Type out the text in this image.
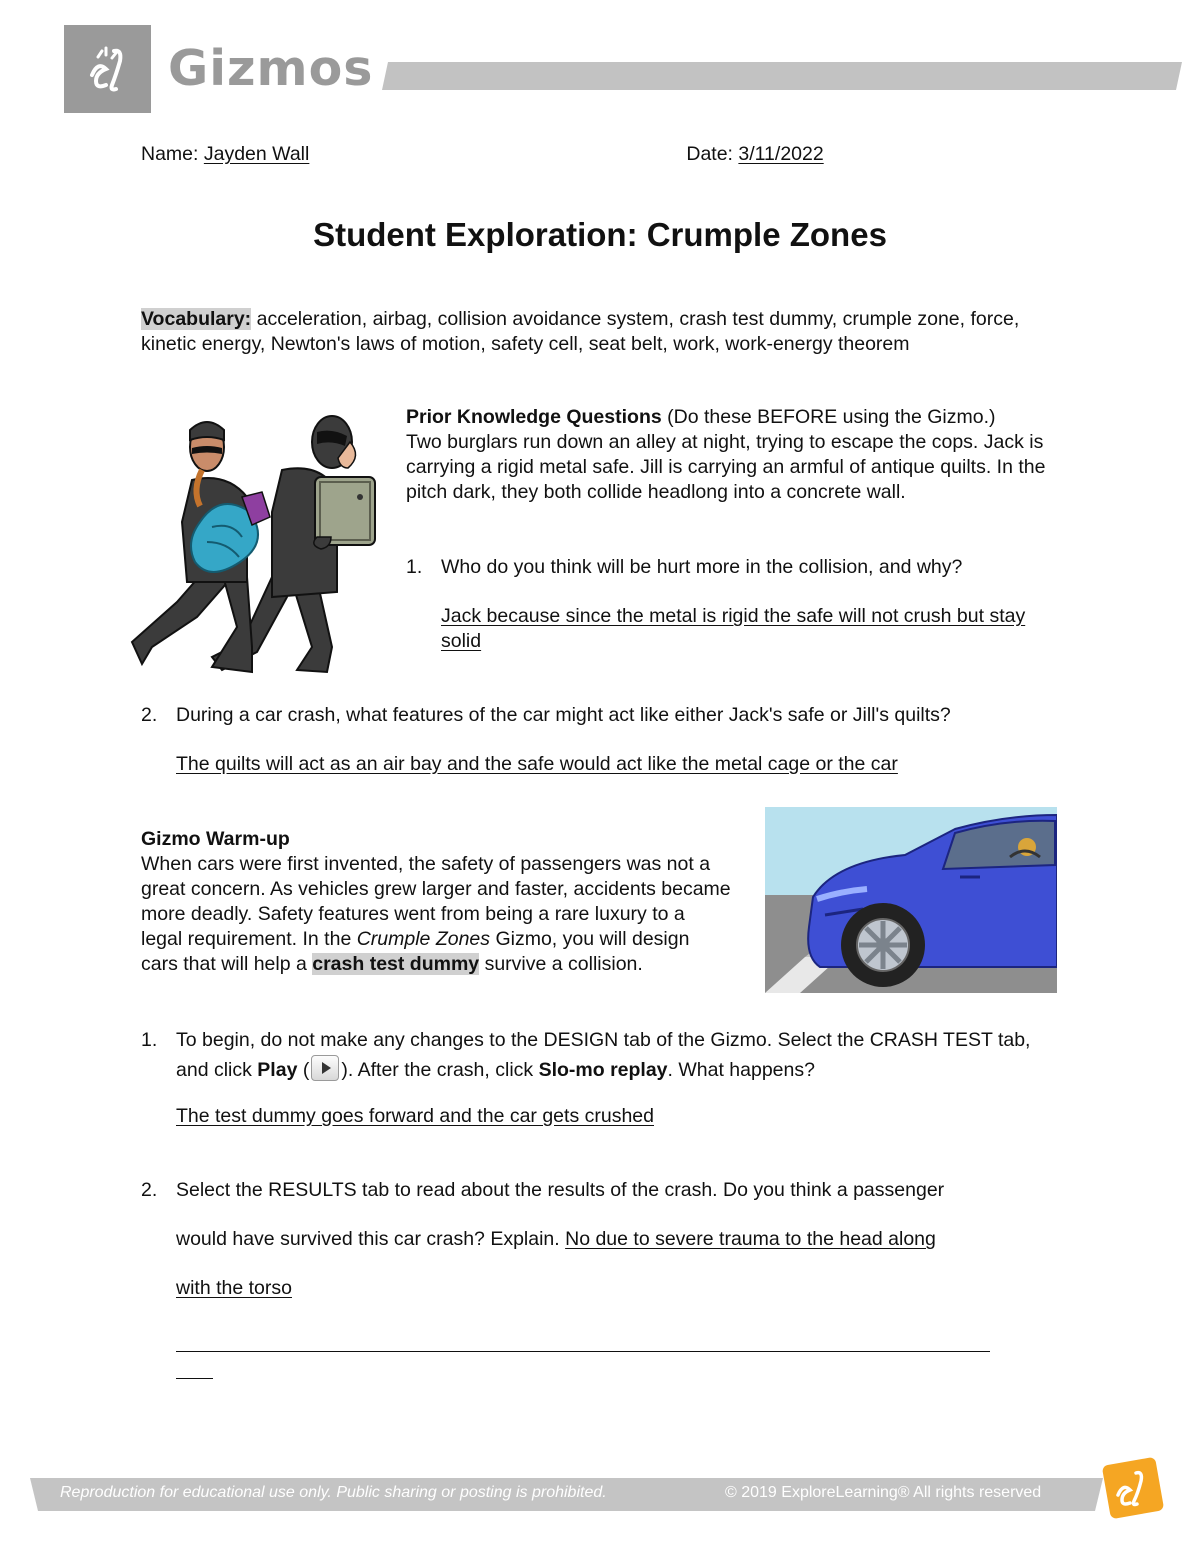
Gizmos
Name: Jayden Wall	Date: 3/11/2022
Student Exploration: Crumple Zones
Vocabulary: acceleration, airbag, collision avoidance system, crash test dummy, crumple zone, force, kinetic energy, Newton's laws of motion, safety cell, seat belt, work, work-energy theorem
Prior Knowledge Questions (Do these BEFORE using the Gizmo.)
Two burglars run down an alley at night, trying to escape the cops. Jack is carrying a rigid metal safe. Jill is carrying an armful of antique quilts. In the pitch dark, they both collide headlong into a concrete wall.
1. Who do you think will be hurt more in the collision, and why?
Jack because since the metal is rigid the safe will not crush but stay solid
2. During a car crash, what features of the car might act like either Jack's safe or Jill's quilts?
The quilts will act as an air bay and the safe would act like the metal cage or the car
Gizmo Warm-up
When cars were first invented, the safety of passengers was not a great concern. As vehicles grew larger and faster, accidents became more deadly. Safety features went from being a rare luxury to a legal requirement. In the Crumple Zones Gizmo, you will design cars that will help a crash test dummy survive a collision.
1. To begin, do not make any changes to the DESIGN tab of the Gizmo. Select the CRASH TEST tab, and click Play ( ). After the crash, click Slo-mo replay. What happens?
The test dummy goes forward and the car gets crushed
2. Select the RESULTS tab to read about the results of the crash. Do you think a passenger
would have survived this car crash? Explain. No due to severe trauma to the head along
with the torso
Reproduction for educational use only. Public sharing or posting is prohibited.	© 2019 ExploreLearning® All rights reserved
